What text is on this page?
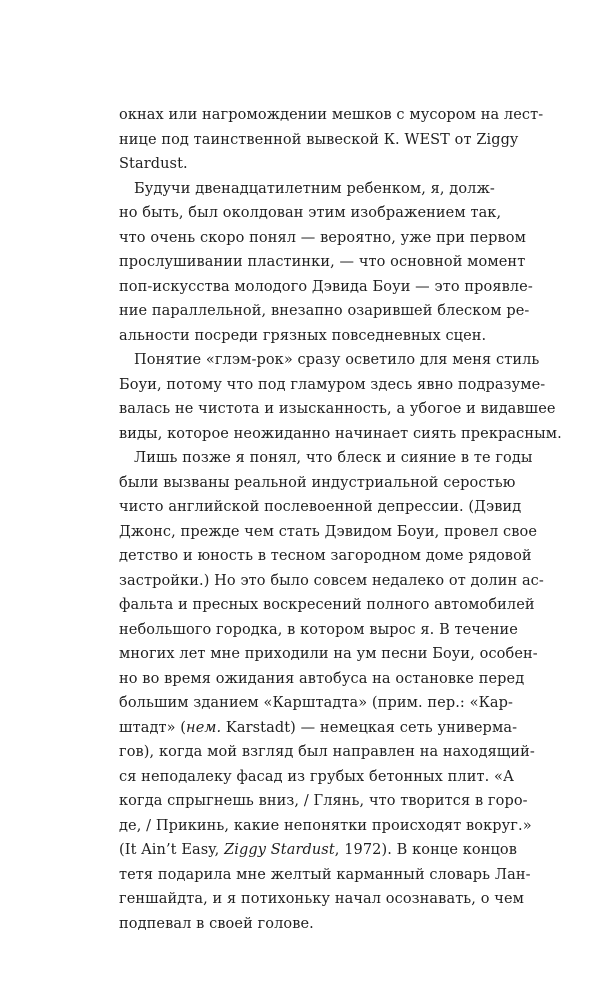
окнах или нагромождении мешков с мусором на лест-
нице под таинственной вывеской К. WEST от Ziggy
Stardust.
Будучи двенадцатилетним ребенком, я, долж-
но быть, был околдован этим изображением так,
что очень скоро понял — вероятно, уже при первом
прослушивании пластинки, — что основной момент
поп-искусства молодого Дэвида Боуи — это проявле-
ние параллельной, внезапно озарившей блеском ре-
альности посреди грязных повседневных сцен.
Понятие «глэм-рок» сразу осветило для меня стиль
Боуи, потому что под гламуром здесь явно подразуме-
валась не чистота и изысканность, а убогое и видавшее
виды, которое неожиданно начинает сиять прекрасным.
Лишь позже я понял, что блеск и сияние в те годы
были вызваны реальной индустриальной серостью
чисто английской послевоенной депрессии. (Дэвид
Джонс, прежде чем стать Дэвидом Боуи, провел свое
детство и юность в тесном загородном доме рядовой
застройки.) Но это было совсем недалеко от долин ас-
фальта и пресных воскресений полного автомобилей
небольшого городка, в котором вырос я. В течение
многих лет мне приходили на ум песни Боуи, особен-
но во время ожидания автобуса на остановке перед
большим зданием «Карштадта» (прим. пер.: «Кар-
штадт» (нем. Karstadt) — немецкая сеть универма-
гов), когда мой взгляд был направлен на находящий-
ся неподалеку фасад из грубых бетонных плит. «А
когда спрыгнешь вниз, / Глянь, что творится в горо-
де, / Прикинь, какие непонятки происходят вокруг.»
(It Ain’t Easy, Ziggy Stardust, 1972). В конце концов
тетя подарила мне желтый карманный словарь Лан-
геншайдта, и я потихоньку начал осознавать, о чем
подпевал в своей голове.
